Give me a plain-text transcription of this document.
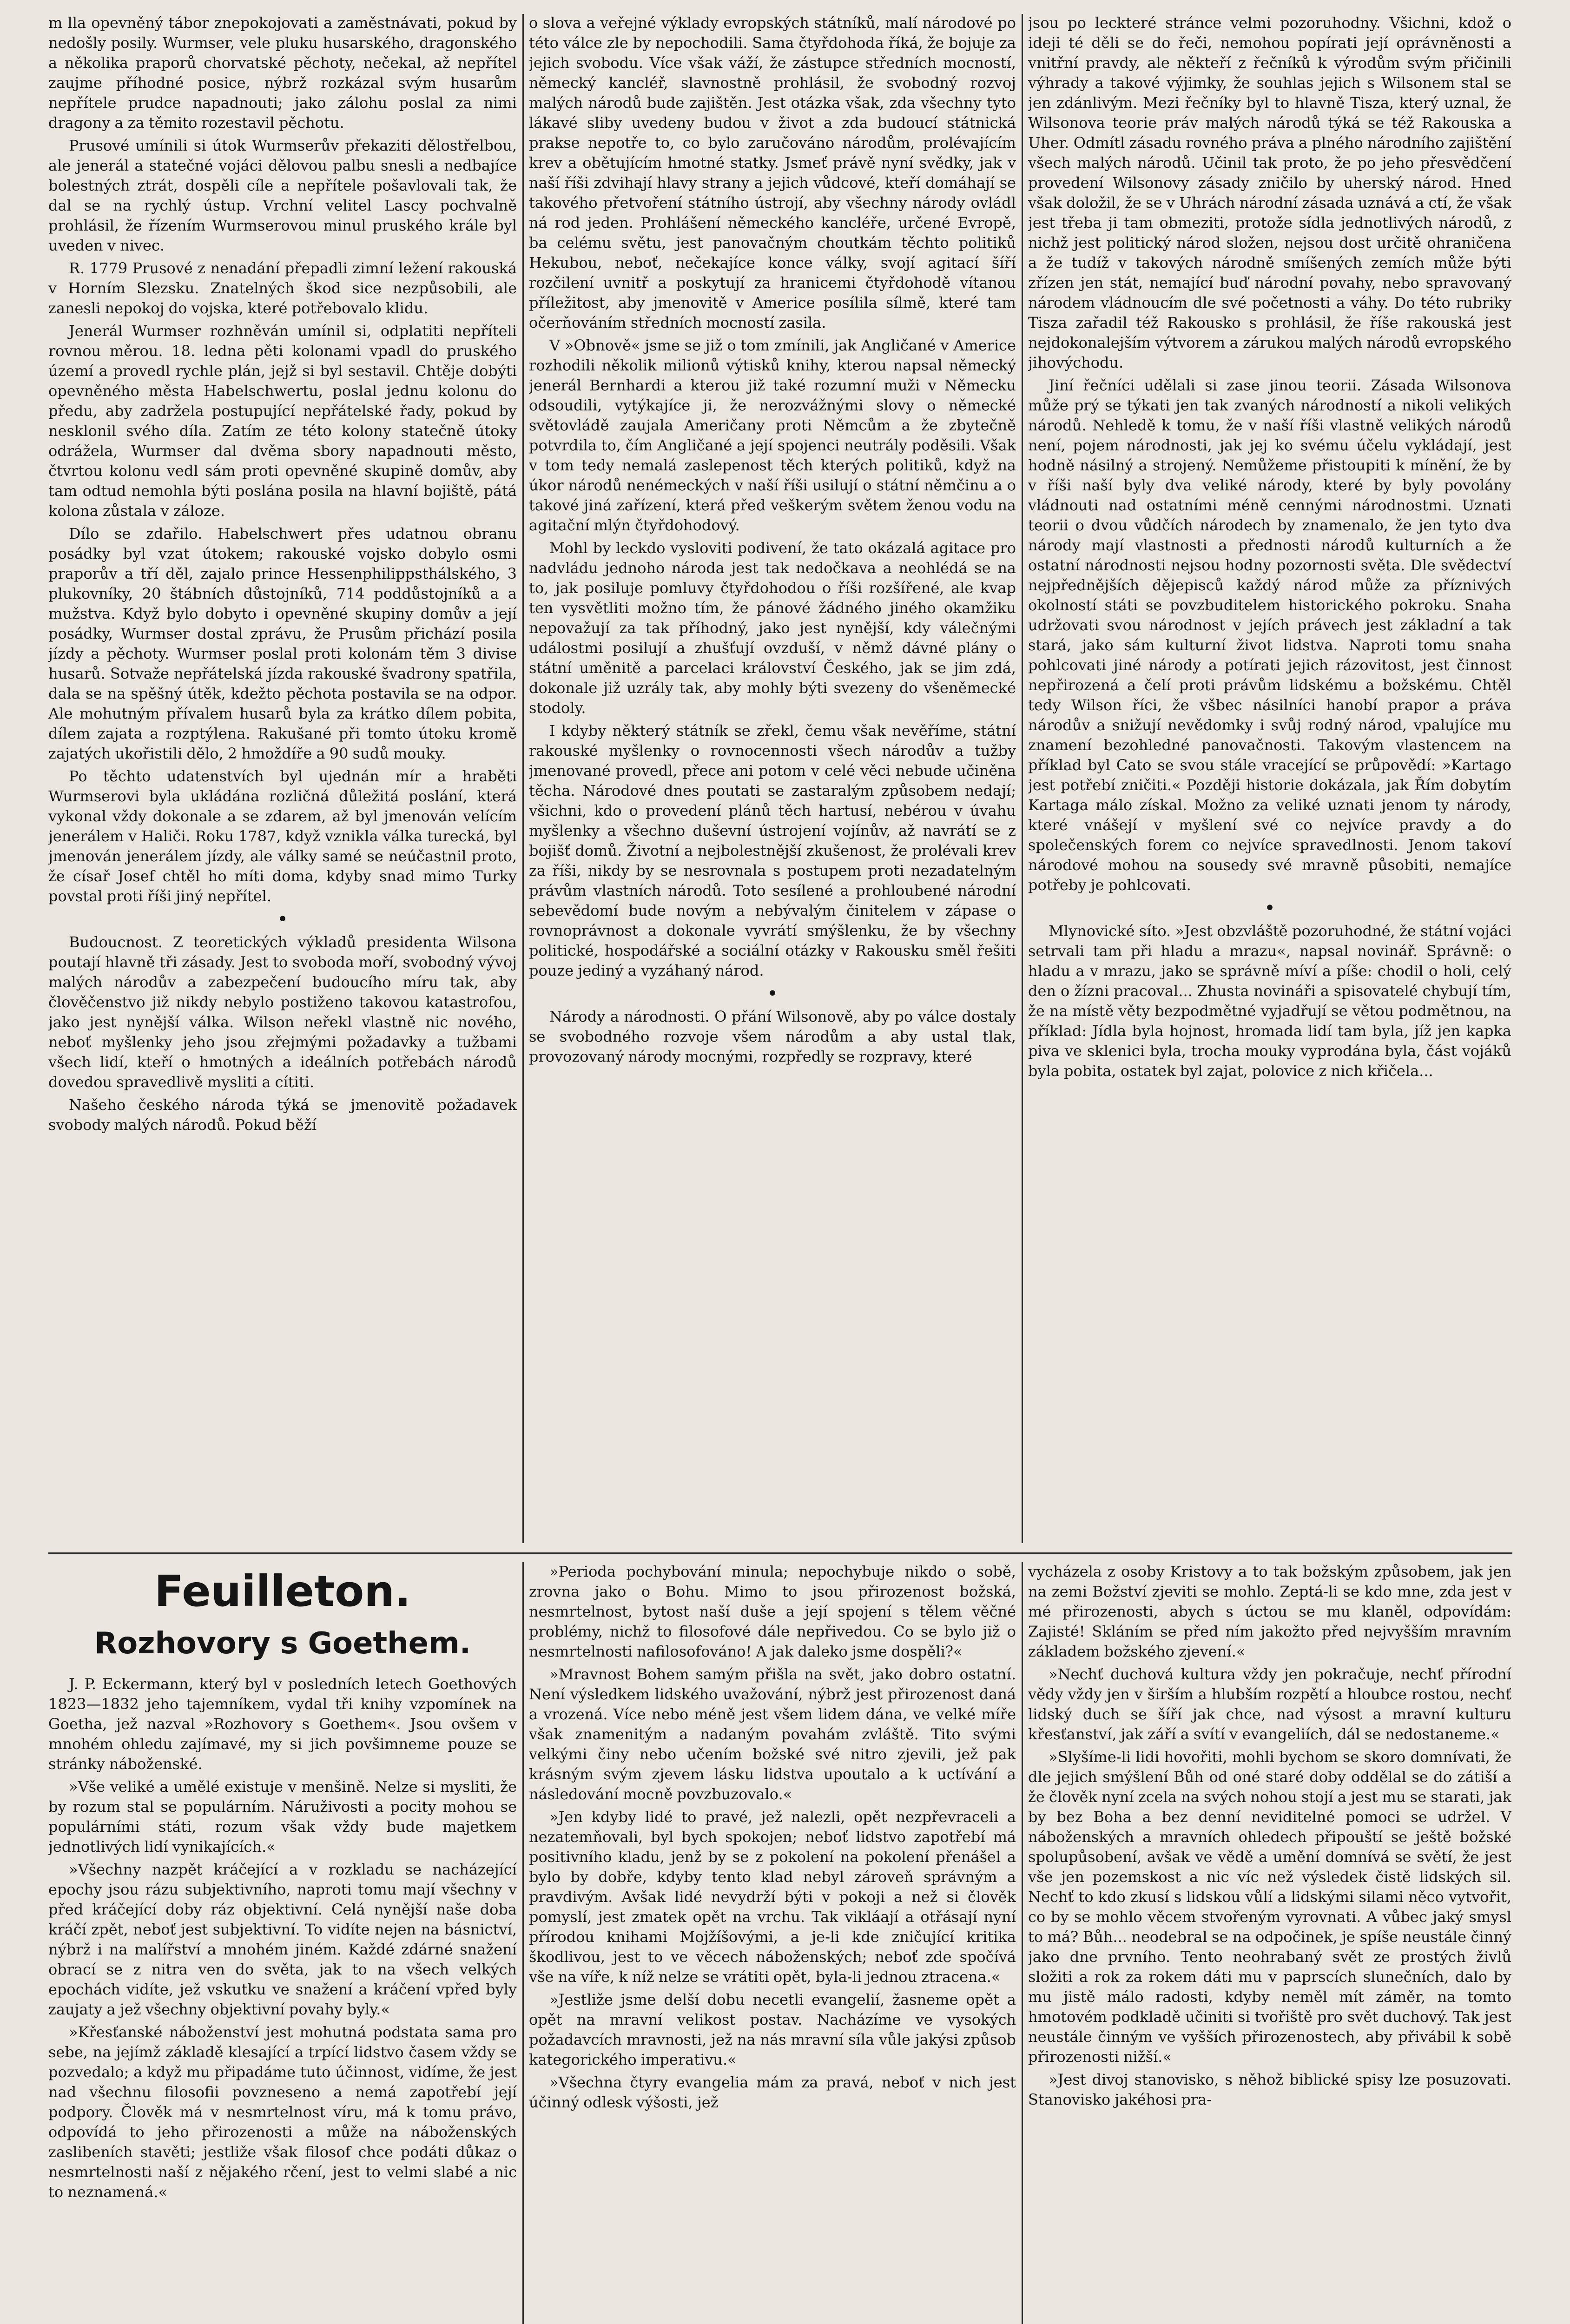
m lla opevněný tábor znepokojovati a zaměstnávati, pokud by nedošly posily. Wurmser, vele pluku husarského, dragonského a několika praporů chorvatské pěchoty, nečekal, až nepřítel zaujme příhodné posice, nýbrž rozkázal svým husarům nepřítele prudce napadnouti; jako zálohu poslal za nimi dragony a za těmito rozestavil pěchotu.

Prusové umínili si útok Wurmserův překaziti dělostřelbou, ale jenerál a statečné vojáci dělovou palbu snesli a nedbajíce bolestných ztrát, dospěli cíle a nepřítele pošavlovali tak, že dal se na rychlý ústup. Vrchní velitel Lascy pochvalně prohlásil, že řízením Wurmserovou minul pruského krále byl uveden v nivec.

R. 1779 Prusové z nenadání přepadli zimní ležení rakouská v Horním Slezsku. Znatelných škod sice nezpůsobili, ale zanesli nepokoj do vojska, které potřebovalo klidu.

Jenerál Wurmser rozhněván umínil si, odplatiti nepříteli rovnou měrou. 18. ledna pěti kolonami vpadl do pruského území a provedl rychle plán, jejž si byl sestavil. Chtěje dobýti opevněného města Habelschwertu, poslal jednu kolonu do předu, aby zadržela postupující nepřátelské řady, pokud by nesklonil svého díla. Zatím ze této kolony statečně útoky odrážela, Wurmser dal dvěma sbory napadnouti město, čtvrtou kolonu vedl sám proti opevněné skupině domův, aby tam odtud nemohla býti poslána posila na hlavní bojiště, pátá kolona zůstala v záloze.

Dílo se zdařilo. Habelschwert přes udatnou obranu posádky byl vzat útokem; rakouské vojsko dobylo osmi praporův a tří děl, zajalo prince Hessenphilippsthálského, 3 plukovníky, 20 štábních důstojníků, 714 poddůstojníků a a mužstva. Když bylo dobyto i opevněné skupiny domův a její posádky, Wurmser dostal zprávu, že Prusům přichází posila jízdy a pěchoty. Wurmser poslal proti kolonám těm 3 divise husarů. Sotvaže nepřátelská jízda rakouské švadrony spatřila, dala se na spěšný útěk, kdežto pěchota postavila se na odpor. Ale mohutným přívalem husarů byla za krátko dílem pobita, dílem zajata a rozptýlena. Rakušané při tomto útoku kromě zajatých ukořistili dělo, 2 hmoždíře a 90 sudů mouky.

Po těchto udatenstvích byl ujednán mír a hraběti Wurmserovi byla ukládána rozličná důležitá poslání, která vykonal vždy dokonale a se zdarem, až byl jmenován velícím jenerálem v Haliči. Roku 1787, když vznikla válka turecká, byl jmenován jenerálem jízdy, ale války samé se neúčastnil proto, že císař Josef chtěl ho míti doma, kdyby snad mimo Turky povstal proti říši jiný nepřítel.

•

Budoucnost. Z teoretických výkladů presidenta Wilsona poutají hlavně tři zásady. Jest to svoboda moří, svobodný vývoj malých národův a zabezpečení budoucího míru tak, aby člověčenstvo již nikdy nebylo postiženo takovou katastrofou, jako jest nynější válka. Wilson neřekl vlastně nic nového, neboť myšlenky jeho jsou zřejmými požadavky a tužbami všech lidí, kteří o hmotných a ideálních potřebách národů dovedou spravedlivě mysliti a cítiti.

Našeho českého národa týká se jmenovitě požadavek svobody malých národů. Pokud běží

o slova a veřejné výklady evropských státníků, malí národové po této válce zle by nepochodili. Sama čtyřdohoda říká, že bojuje za jejich svobodu. Více však váží, že zástupce středních mocností, německý kancléř, slavnostně prohlásil, že svobodný rozvoj malých národů bude zajištěn. Jest otázka však, zda všechny tyto lákavé sliby uvedeny budou v život a zda budoucí státnická prakse nepotře to, co bylo zaručováno národům, prolévajícím krev a obětujícím hmotné statky. Jsmeť právě nyní svědky, jak v naší říši zdvihají hlavy strany a jejich vůdcové, kteří domáhají se takového přetvoření státního ústrojí, aby všechny národy ovládl ná rod jeden. Prohlášení německého kancléře, určené Evropě, ba celému světu, jest panovačným choutkám těchto politiků Hekubou, neboť, nečekajíce konce války, svojí agitací šíří rozčilení uvnitř a poskytují za hranicemi čtyřdohodě vítanou příležitost, aby jmenovitě v Americe posílila sílmě, které tam očerňováním středních mocností zasila.

V »Obnově« jsme se již o tom zmínili, jak Angličané v Americe rozhodili několik milionů výtisků knihy, kterou napsal německý jenerál Bernhardi a kterou již také rozumní muži v Německu odsoudili, vytýkajíce ji, že nerozvážnými slovy o německé světovládě zaujala Američany proti Němcům a že zbytečně potvrdila to, čím Angličané a její spojenci neutrály poděsili. Však v tom tedy nemalá zaslepenost těch kterých politiků, když na úkor národů nenémeckých v naší říši usilují o státní němčinu a o takové jiná zařízení, která před veškerým světem ženou vodu na agitační mlýn čtyřdohodový.

Mohl by leckdo vysloviti podivení, že tato okázalá agitace pro nadvládu jednoho národa jest tak nedočkava a neohlédá se na to, jak posiluje pomluvy čtyřdohodou o říši rozšířené, ale kvap ten vysvětliti možno tím, že pánové žádného jiného okamžiku nepovažují za tak příhodný, jako jest nynější, kdy válečnými událostmi posilují a zhušťují ovzduší, v němž dávné plány o státní uměnitě a parcelaci království Českého, jak se jim zdá, dokonale již uzrály tak, aby mohly býti svezeny do všeněmecké stodoly.

I kdyby některý státník se zřekl, čemu však nevěříme, státní rakouské myšlenky o rovnocennosti všech národův a tužby jmenované provedl, přece ani potom v celé věci nebude učiněna těcha. Národové dnes poutati se zastaralým způsobem nedají; všichni, kdo o provedení plánů těch hartusí, nebérou v úvahu myšlenky a všechno duševní ústrojení vojínův, až navrátí se z bojišť domů. Životní a nejbolestnější zkušenost, že prolévali krev za říši, nikdy by se nesrovnala s postupem proti nezadatelným právům vlastních národů. Toto sesílené a prohloubené národní sebevědomí bude novým a nebývalým činitelem v zápase o rovnoprávnost a dokonale vyvrátí smýšlenku, že by všechny politické, hospodářské a sociální otázky v Rakousku směl řešiti pouze jediný a vyzáhaný národ.

•

Národy a národnosti. O přání Wilsonově, aby po válce dostaly se svobodného rozvoje všem národům a aby ustal tlak, provozovaný národy mocnými, rozpředly se rozpravy, které

jsou po leckteré stránce velmi pozoruhodny. Všichni, kdož o ideji té děli se do řeči, nemohou popírati její oprávněnosti a vnitřní pravdy, ale někteří z řečníků k výrodům svým přičinili výhrady a takové výjimky, že souhlas jejich s Wilsonem stal se jen zdánlivým. Mezi řečníky byl to hlavně Tisza, který uznal, že Wilsonova teorie práv malých národů týká se též Rakouska a Uher. Odmítl zásadu rovného práva a plného národního zajištění všech malých národů. Učinil tak proto, že po jeho přesvědčení provedení Wilsonovy zásady zničilo by uherský národ. Hned však doložil, že se v Uhrách národní zásada uznává a ctí, že však jest třeba ji tam obmeziti, protože sídla jednotlivých národů, z nichž jest politický národ složen, nejsou dost určitě ohraničena a že tudíž v takových národně smíšených zemích může býti zřízen jen stát, nemající buď národní povahy, nebo spravovaný národem vládnoucím dle své početnosti a váhy. Do této rubriky Tisza zařadil též Rakousko s prohlásil, že říše rakouská jest nejdokonalejším výtvorem a zárukou malých národů evropského jihovýchodu.

Jiní řečníci udělali si zase jinou teorii. Zásada Wilsonova může prý se týkati jen tak zvaných národností a nikoli velikých národů. Nehledě k tomu, že v naší říši vlastně velikých národů není, pojem národnosti, jak jej ko svému účelu vykládají, jest hodně násilný a strojený. Nemůžeme přistoupiti k mínění, že by v říši naší byly dva veliké národy, které by byly povolány vládnouti nad ostatními méně cennými národnostmi. Uznati teorii o dvou vůdčích národech by znamenalo, že jen tyto dva národy mají vlastnosti a přednosti národů kulturních a že ostatní národnosti nejsou hodny pozornosti světa. Dle svědectví nejpřednějších dějepisců každý národ může za příznivých okolností státi se povzbuditelem historického pokroku. Snaha udržovati svou národnost v jejích právech jest základní a tak stará, jako sám kulturní život lidstva. Naproti tomu snaha pohlcovati jiné národy a potírati jejich rázovitost, jest činnost nepřirozená a čelí proti právům lidskému a božskému. Chtěl tedy Wilson říci, že všbec násilníci hanobí prapor a práva národův a snižují nevědomky i svůj rodný národ, vpalujíce mu znamení bezohledné panovačnosti. Takovým vlastencem na příklad byl Cato se svou stále vracející se průpovědí: »Kartago jest potřebí zničiti.« Později historie dokázala, jak Řím dobytím Kartaga málo získal. Možno za veliké uznati jenom ty národy, které vnášejí v myšlení své co nejvíce pravdy a do společenských forem co nejvíce spravedlnosti. Jenom takoví národové mohou na sousedy své mravně působiti, nemajíce potřeby je pohlcovati.

•

Mlynovické síto. »Jest obzvláště pozoruhodné, že státní vojáci setrvali tam při hladu a mrazu«, napsal novinář. Správně: o hladu a v mrazu, jako se správně míví a píše: chodil o holi, celý den o žízni pracoval... Zhusta novináři a spisovatelé chybují tím, že na místě věty bezpodmětné vyjadřují se větou podmětnou, na příklad: Jídla byla hojnost, hromada lidí tam byla, jíž jen kapka piva ve sklenici byla, trocha mouky vyprodána byla, část vojáků byla pobita, ostatek byl zajat, polovice z nich křičela...

Feuilleton.
Rozhovory s Goethem.

J. P. Eckermann, který byl v posledních letech Goethových 1823—1832 jeho tajemníkem, vydal tři knihy vzpomínek na Goetha, jež nazval »Rozhovory s Goethem«. Jsou ovšem v mnohém ohledu zajímavé, my si jich povšimneme pouze se stránky náboženské.

»Vše veliké a umělé existuje v menšině. Nelze si mysliti, že by rozum stal se populárním. Náruživosti a pocity mohou se populárními státi, rozum však vždy bude majetkem jednotlivých lidí vynikajících.«

»Všechny nazpět kráčející a v rozkladu se nacházející epochy jsou rázu subjektivního, naproti tomu mají všechny v před kráčející doby ráz objektivní. Celá nynější naše doba kráčí zpět, neboť jest subjektivní. To vidíte nejen na básnictví, nýbrž i na malířství a mnohém jiném. Každé zdárné snažení obrací se z nitra ven do světa, jak to na všech velkých epochách vidíte, jež vskutku ve snažení a kráčení vpřed byly zaujaty a jež všechny objektivní povahy byly.«

»Křesťanské náboženství jest mohutná podstata sama pro sebe, na jejímž základě klesající a trpící lidstvo časem vždy se pozvedalo; a když mu připadáme tuto účinnost, vidíme, že jest nad všechnu filosofii povzneseno a nemá zapotřebí její podpory. Člověk má v nesmrtelnost víru, má k tomu právo, odpovídá to jeho přirozenosti a může na náboženských zaslibeních stavěti; jestliže však filosof chce podáti důkaz o nesmrtelnosti naší z nějakého rčení, jest to velmi slabé a nic to neznamená.«

»Perioda pochybování minula; nepochybuje nikdo o sobě, zrovna jako o Bohu. Mimo to jsou přirozenost božská, nesmrtelnost, bytost naší duše a její spojení s tělem věčné problémy, nichž to filosofové dále nepřivedou. Co se bylo již o nesmrtelnosti nafilosofováno! A jak daleko jsme dospěli?«

»Mravnost Bohem samým přišla na svět, jako dobro ostatní. Není výsledkem lidského uvažování, nýbrž jest přirozenost daná a vrozená. Více nebo méně jest všem lidem dána, ve velké míře však znamenitým a nadaným povahám zvláště. Tito svými velkými činy nebo učením božské své nitro zjevili, jež pak krásným svým zjevem lásku lidstva upoutalo a k uctívání a následování mocně povzbuzovalo.«

»Jen kdyby lidé to pravé, jež nalezli, opět nezpřevraceli a nezatemňovali, byl bych spokojen; neboť lidstvo zapotřebí má positivního kladu, jenž by se z pokolení na pokolení přenášel a bylo by dobře, kdyby tento klad nebyl zároveň správným a pravdivým. Avšak lidé nevydrží býti v pokoji a než si člověk pomyslí, jest zmatek opět na vrchu. Tak vikláají a otřásají nyní přírodou knihami Mojžíšovými, a je-li kde zničující kritika škodlivou, jest to ve věcech náboženských; neboť zde spočívá vše na víře, k níž nelze se vrátiti opět, byla-li jednou ztracena.«

»Jestliže jsme delší dobu necetli evangelií, žasneme opět a opět na mravní velikost postav. Nacházíme ve vysokých požadavcích mravnosti, jež na nás mravní síla vůle jakýsi způsob kategorického imperativu.«

»Všechna čtyry evangelia mám za pravá, neboť v nich jest účinný odlesk výšosti, jež

vycházela z osoby Kristovy a to tak božským způsobem, jak jen na zemi Božství zjeviti se mohlo. Zeptá-li se kdo mne, zda jest v mé přirozenosti, abych s úctou se mu klaněl, odpovídám: Zajisté! Skláním se před ním jakožto před nejvyšším mravním základem božského zjevení.«

»Nechť duchová kultura vždy jen pokračuje, nechť přírodní vědy vždy jen v širším a hlubším rozpětí a hloubce rostou, nechť lidský duch se šíří jak chce, nad výsost a mravní kulturu křesťanství, jak září a svítí v evangeliích, dál se nedostaneme.«

»Slyšíme-li lidi hovořiti, mohli bychom se skoro domnívati, že dle jejich smýšlení Bůh od oné staré doby oddělal se do zátiší a že člověk nyní zcela na svých nohou stojí a jest mu se starati, jak by bez Boha a bez denní neviditelné pomoci se udržel. V náboženských a mravních ohledech připouští se ještě božské spolupůsobení, avšak ve vědě a umění domnívá se světí, že jest vše jen pozemskost a nic víc než výsledek čistě lidských sil. Nechť to kdo zkusí s lidskou vůlí a lidskými silami něco vytvořit, co by se mohlo věcem stvořeným vyrovnati. A vůbec jaký smysl to má? Bůh... neodebral se na odpočinek, je spíše neustále činný jako dne prvního. Tento neohrabaný svět ze prostých živlů složiti a rok za rokem dáti mu v paprscích slunečních, dalo by mu jistě málo radosti, kdyby neměl mít záměr, na tomto hmotovém podkladě učiniti si tvořiště pro svět duchový. Tak jest neustále činným ve vyšších přirozenostech, aby přivábil k sobě přirozenosti nižší.«

»Jest divoj stanovisko, s něhož biblické spisy lze posuzovati. Stanovisko jakéhosi pra-
